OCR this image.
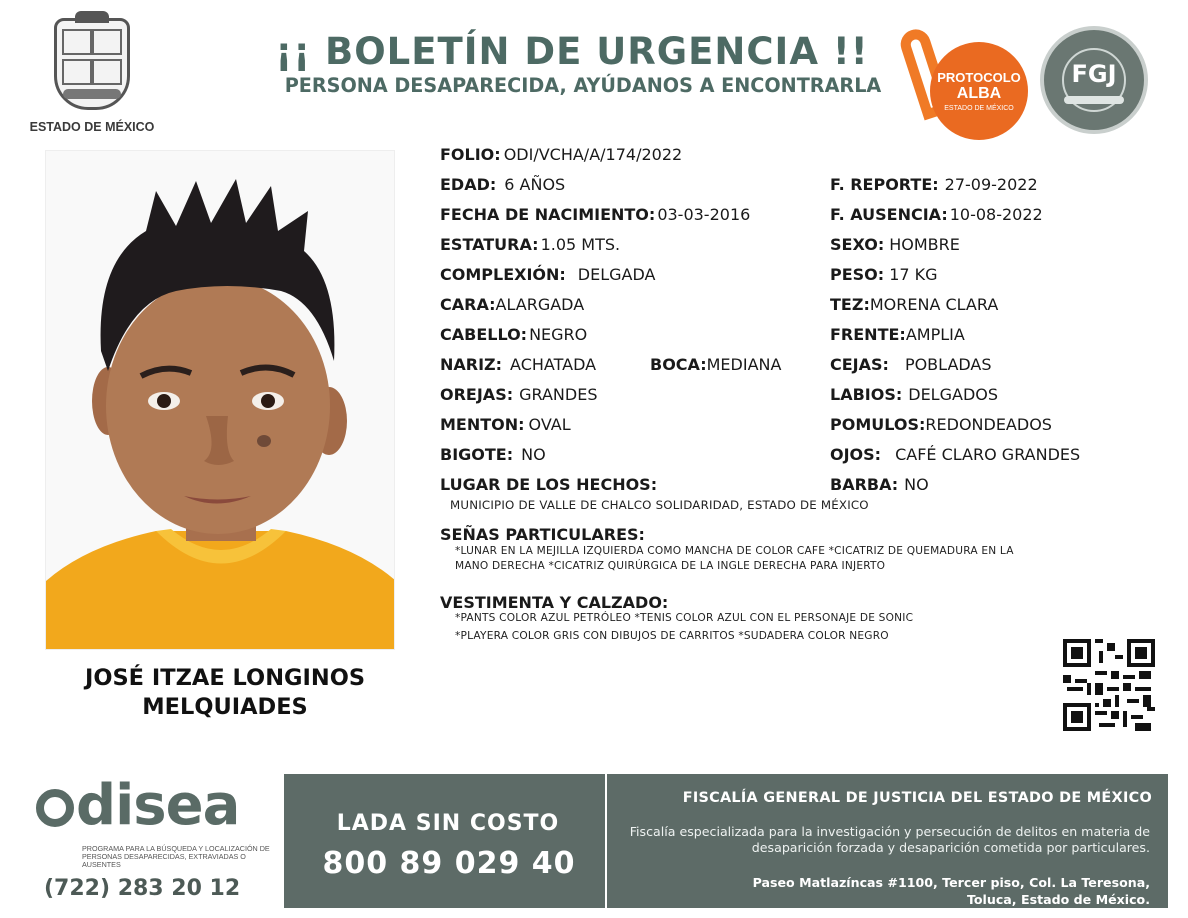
ESTADO DE MÉXICO
¡¡ BOLETÍN DE URGENCIA !!
PERSONA DESAPARECIDA, AYÚDANOS A ENCONTRARLA	PROTOCOLO
ALBA
ESTADO DE MÉXICO
FGJ
JOSÉ ITZAE LONGINOS
MELQUIADES
FOLIO: ODI/VCHA/A/174/2022
EDAD: 6 AÑOS
FECHA DE NACIMIENTO: 03-03-2016
ESTATURA: 1.05 MTS.
COMPLEXIÓN: DELGADA
CARA:ALARGADA
CABELLO: NEGRO
NARIZ: ACHATADA	BOCA:MEDIANA
OREJAS: GRANDES
MENTON: OVAL
BIGOTE: NO
LUGAR DE LOS HECHOS:
MUNICIPIO DE VALLE DE CHALCO SOLIDARIDAD, ESTADO DE MÉXICO
F. REPORTE: 27-09-2022
F. AUSENCIA: 10-08-2022
SEXO: HOMBRE
PESO: 17 KG
TEZ:MORENA CLARA
FRENTE:AMPLIA
CEJAS: POBLADAS
LABIOS: DELGADOS
POMULOS:REDONDEADOS
OJOS: CAFÉ CLARO GRANDES
BARBA: NO
SEÑAS PARTICULARES:
*LUNAR EN LA MEJILLA IZQUIERDA COMO MANCHA DE COLOR CAFE *CICATRIZ DE QUEMADURA EN LA
MANO DERECHA *CICATRIZ QUIRÚRGICA DE LA INGLE DERECHA PARA INJERTO
VESTIMENTA Y CALZADO:
*PANTS COLOR AZUL PETRÓLEO *TENIS COLOR AZUL CON EL PERSONAJE DE SONIC
*PLAYERA COLOR GRIS CON DIBUJOS DE CARRITOS *SUDADERA COLOR NEGRO
disea
PROGRAMA PARA LA BÚSQUEDA Y LOCALIZACIÓN DE PERSONAS DESAPARECIDAS, EXTRAVIADAS O AUSENTES
(722) 283 20 12
LADA SIN COSTO
800 89 029 40
FISCALÍA GENERAL DE JUSTICIA DEL ESTADO DE MÉXICO
Fiscalía especializada para la investigación y persecución de delitos en materia de desaparición forzada y desaparición cometida por particulares.
Paseo Matlazíncas #1100, Tercer piso, Col. La Teresona,
Toluca, Estado de México.
